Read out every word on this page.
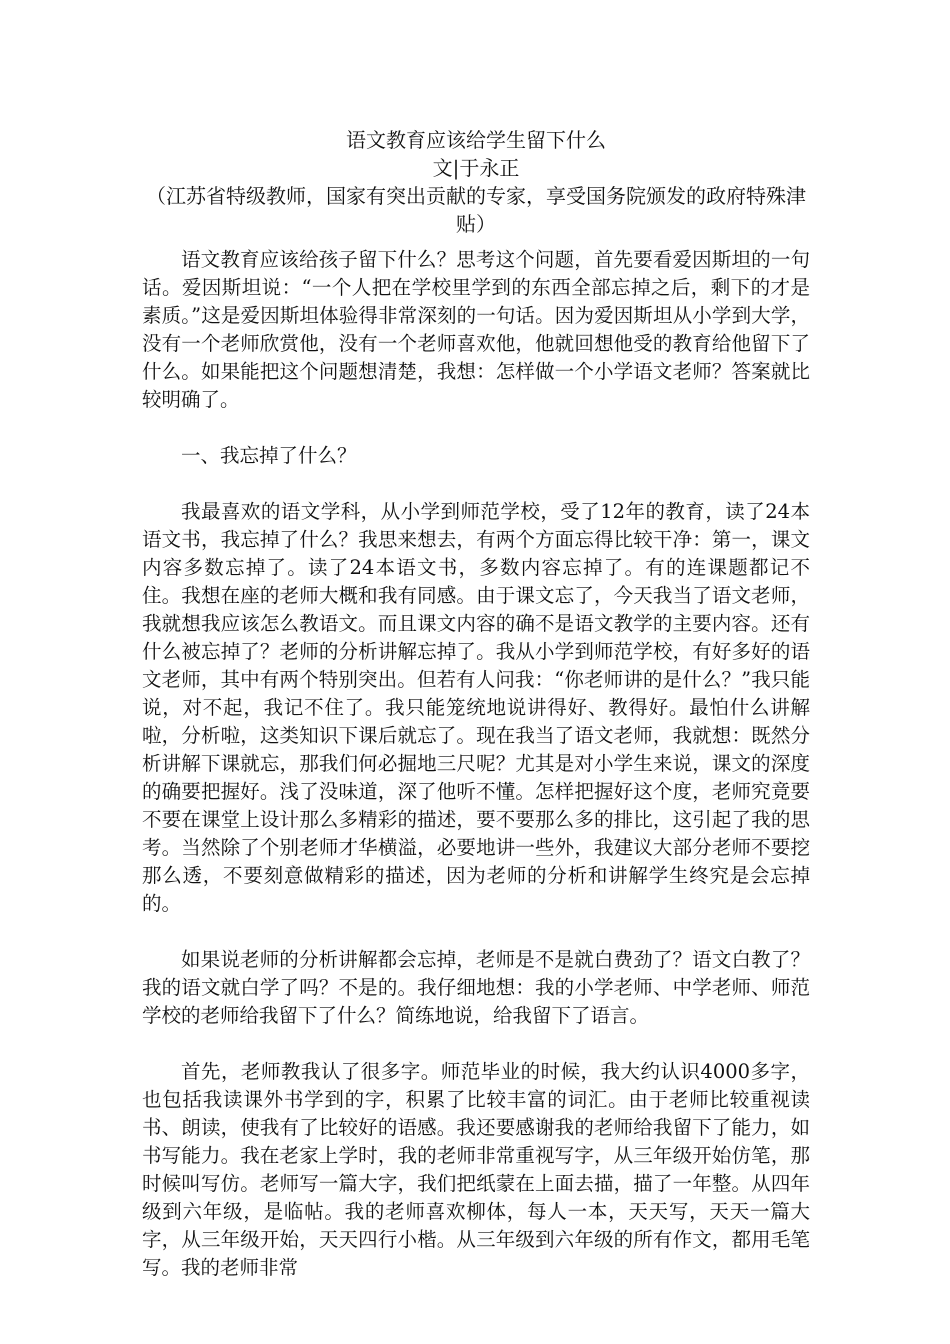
语文教育应该给学生留下什么
文|于永正
（江苏省特级教师，国家有突出贡献的专家，享受国务院颁发的政府特殊津贴）

语文教育应该给孩子留下什么？思考这个问题，首先要看爱因斯坦的一句话。爱因斯坦说：“一个人把在学校里学到的东西全部忘掉之后，剩下的才是素质。”这是爱因斯坦体验得非常深刻的一句话。因为爱因斯坦从小学到大学，没有一个老师欣赏他，没有一个老师喜欢他，他就回想他受的教育给他留下了什么。如果能把这个问题想清楚，我想：怎样做一个小学语文老师？答案就比较明确了。

一、我忘掉了什么？

我最喜欢的语文学科，从小学到师范学校，受了12年的教育，读了24本语文书，我忘掉了什么？我思来想去，有两个方面忘得比较干净：第一，课文内容多数忘掉了。读了24本语文书，多数内容忘掉了。有的连课题都记不住。我想在座的老师大概和我有同感。由于课文忘了，今天我当了语文老师，我就想我应该怎么教语文。而且课文内容的确不是语文教学的主要内容。还有什么被忘掉了？老师的分析讲解忘掉了。我从小学到师范学校，有好多好的语文老师，其中有两个特别突出。但若有人问我：“你老师讲的是什么？”我只能说，对不起，我记不住了。我只能笼统地说讲得好、教得好。最怕什么讲解啦，分析啦，这类知识下课后就忘了。现在我当了语文老师，我就想：既然分析讲解下课就忘，那我们何必掘地三尺呢？尤其是对小学生来说，课文的深度的确要把握好。浅了没味道，深了他听不懂。怎样把握好这个度，老师究竟要不要在课堂上设计那么多精彩的描述，要不要那么多的排比，这引起了我的思考。当然除了个别老师才华横溢，必要地讲一些外，我建议大部分老师不要挖那么透，不要刻意做精彩的描述，因为老师的分析和讲解学生终究是会忘掉的。

如果说老师的分析讲解都会忘掉，老师是不是就白费劲了？语文白教了？我的语文就白学了吗？不是的。我仔细地想：我的小学老师、中学老师、师范学校的老师给我留下了什么？简练地说，给我留下了语言。

首先，老师教我认了很多字。师范毕业的时候，我大约认识4000多字，也包括我读课外书学到的字，积累了比较丰富的词汇。由于老师比较重视读书、朗读，使我有了比较好的语感。我还要感谢我的老师给我留下了能力，如书写能力。我在老家上学时，我的老师非常重视写字，从三年级开始仿笔，那时候叫写仿。老师写一篇大字，我们把纸蒙在上面去描，描了一年整。从四年级到六年级，是临帖。我的老师喜欢柳体，每人一本，天天写，天天一篇大字，从三年级开始，天天四行小楷。从三年级到六年级的所有作文，都用毛笔写。我的老师非常
